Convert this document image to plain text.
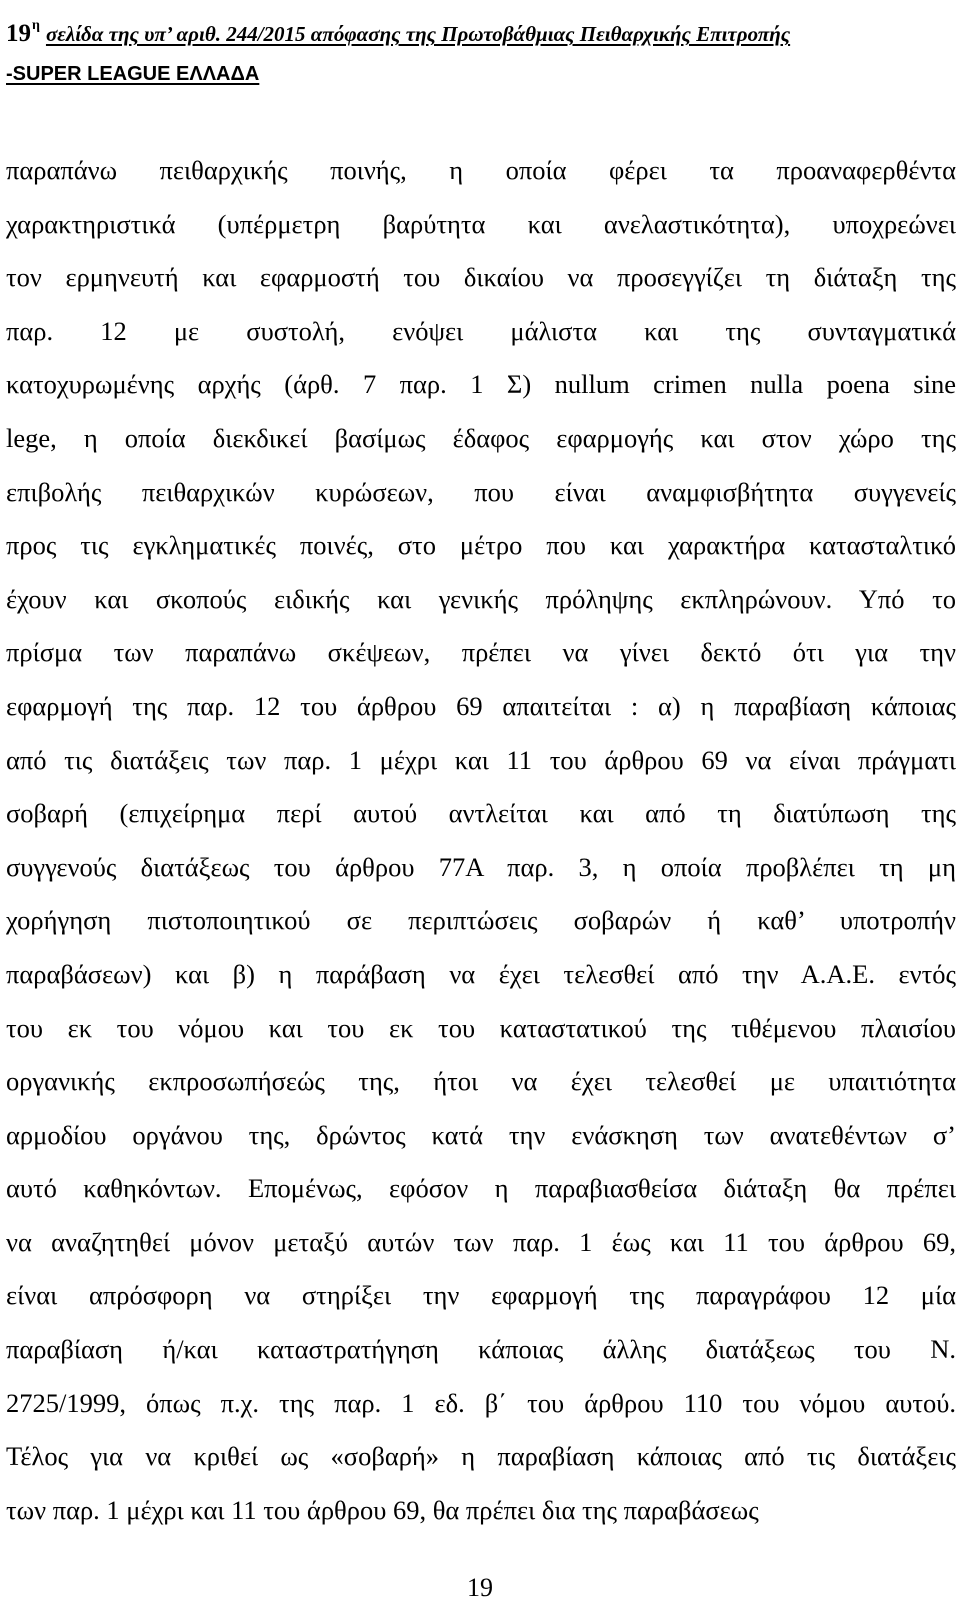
19η σελίδα της υπ’ αριθ. 244/2015 απόφασης της Πρωτοβάθμιας Πειθαρχικής Επιτροπής
-SUPER LEAGUE ΕΛΛΑΔΑ
παραπάνω πειθαρχικής ποινής, η οποία φέρει τα προαναφερθέντα
χαρακτηριστικά (υπέρμετρη βαρύτητα και ανελαστικότητα), υποχρεώνει
τον ερμηνευτή και εφαρμοστή του δικαίου να προσεγγίζει τη διάταξη της
παρ. 12 με συστολή, ενόψει μάλιστα και της συνταγματικά
κατοχυρωμένης αρχής (άρθ. 7 παρ. 1 Σ) nullum crimen nulla poena sine
lege, η οποία διεκδικεί βασίμως έδαφος εφαρμογής και στον χώρο της
επιβολής πειθαρχικών κυρώσεων, που είναι αναμφισβήτητα συγγενείς
προς τις εγκληματικές ποινές, στο μέτρο που και χαρακτήρα κατασταλτικό
έχουν και σκοπούς ειδικής και γενικής πρόληψης εκπληρώνουν. Υπό το
πρίσμα των παραπάνω σκέψεων, πρέπει να γίνει δεκτό ότι για την
εφαρμογή της παρ. 12 του άρθρου 69 απαιτείται : α) η παραβίαση κάποιας
από τις διατάξεις των παρ. 1 μέχρι και 11 του άρθρου 69 να είναι πράγματι
σοβαρή (επιχείρημα περί αυτού αντλείται και από τη διατύπωση της
συγγενούς διατάξεως του άρθρου 77Α παρ. 3, η οποία προβλέπει τη μη
χορήγηση πιστοποιητικού σε περιπτώσεις σοβαρών ή καθ’ υποτροπήν
παραβάσεων) και β) η παράβαση να έχει τελεσθεί από την Α.Α.Ε. εντός
του εκ του νόμου και του εκ του καταστατικού της τιθέμενου πλαισίου
οργανικής εκπροσωπήσεώς της, ήτοι να έχει τελεσθεί με υπαιτιότητα
αρμοδίου οργάνου της, δρώντος κατά την ενάσκηση των ανατεθέντων σ’
αυτό καθηκόντων. Επομένως, εφόσον η παραβιασθείσα διάταξη θα πρέπει
να αναζητηθεί μόνον μεταξύ αυτών των παρ. 1 έως και 11 του άρθρου 69,
είναι απρόσφορη να στηρίξει την εφαρμογή της παραγράφου 12 μία
παραβίαση ή/και καταστρατήγηση κάποιας άλλης διατάξεως του Ν.
2725/1999, όπως π.χ. της παρ. 1 εδ. β΄ του άρθρου 110 του νόμου αυτού.
Τέλος για να κριθεί ως «σοβαρή» η παραβίαση κάποιας από τις διατάξεις
των παρ. 1 μέχρι και 11 του άρθρου 69, θα πρέπει δια της παραβάσεως
19
